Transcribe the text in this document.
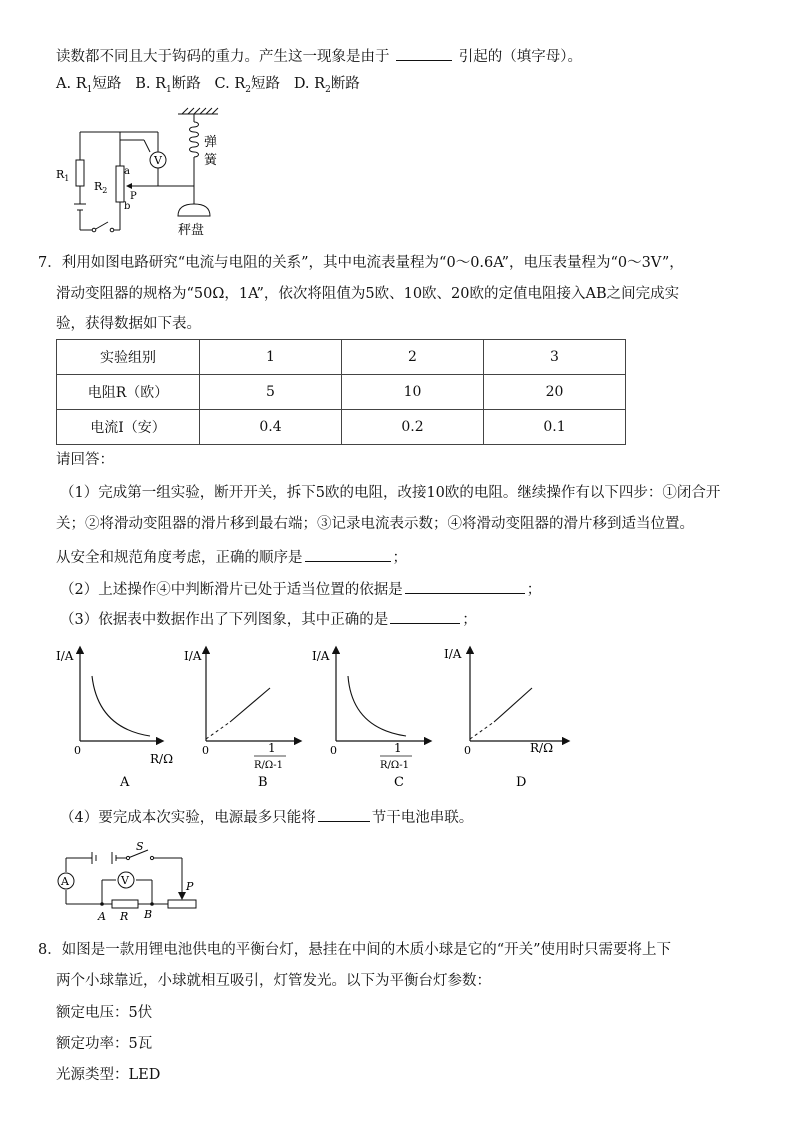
读数都不同且大于钩码的重力。产生这一现象是由于	引起的（填字母）。
A. $R_1$短路 B. $R_1$断路 C. $R_2$短路 D. $R_2$断路
$R_1$
$R_2$
a
b
P
V
弹
簧
秤盘
7．利用如图电路研究“电流与电阻的关系”，其中电流表量程为“0～0.6A”，电压表量程为“0～3V”，
滑动变阻器的规格为“50Ω，1A”，依次将阻值为5欧、10欧、20欧的定值电阻接入AB之间完成实
验，获得数据如下表。
实验组别	1	2	3
电阻R（欧）	5	10	20
电流I（安）	0.4	0.2	0.1
请回答：
（1）完成第一组实验，断开开关，拆下5欧的电阻，改接10欧的电阻。继续操作有以下四步：①闭合开
关；②将滑动变阻器的滑片移到最右端；③记录电流表示数；④将滑动变阻器的滑片移到适当位置。
从安全和规范角度考虑，正确的顺序是	；
（2）上述操作④中判断滑片已处于适当位置的依据是	；
（3）依据表中数据作出了下列图象，其中正确的是	；
I/A
0
R/Ω
A
I/A
0	1
R/Ω-1
B
I/A
0	1
R/Ω-1
C
I/A
0	R/Ω
D
（4）要完成本次实验，电源最多只能将	节干电池串联。
S
A	V	P
A R B
8．如图是一款用锂电池供电的平衡台灯，悬挂在中间的木质小球是它的“开关”使用时只需要将上下
两个小球靠近，小球就相互吸引，灯管发光。以下为平衡台灯参数：
额定电压：5伏
额定功率：5瓦
光源类型：LED
